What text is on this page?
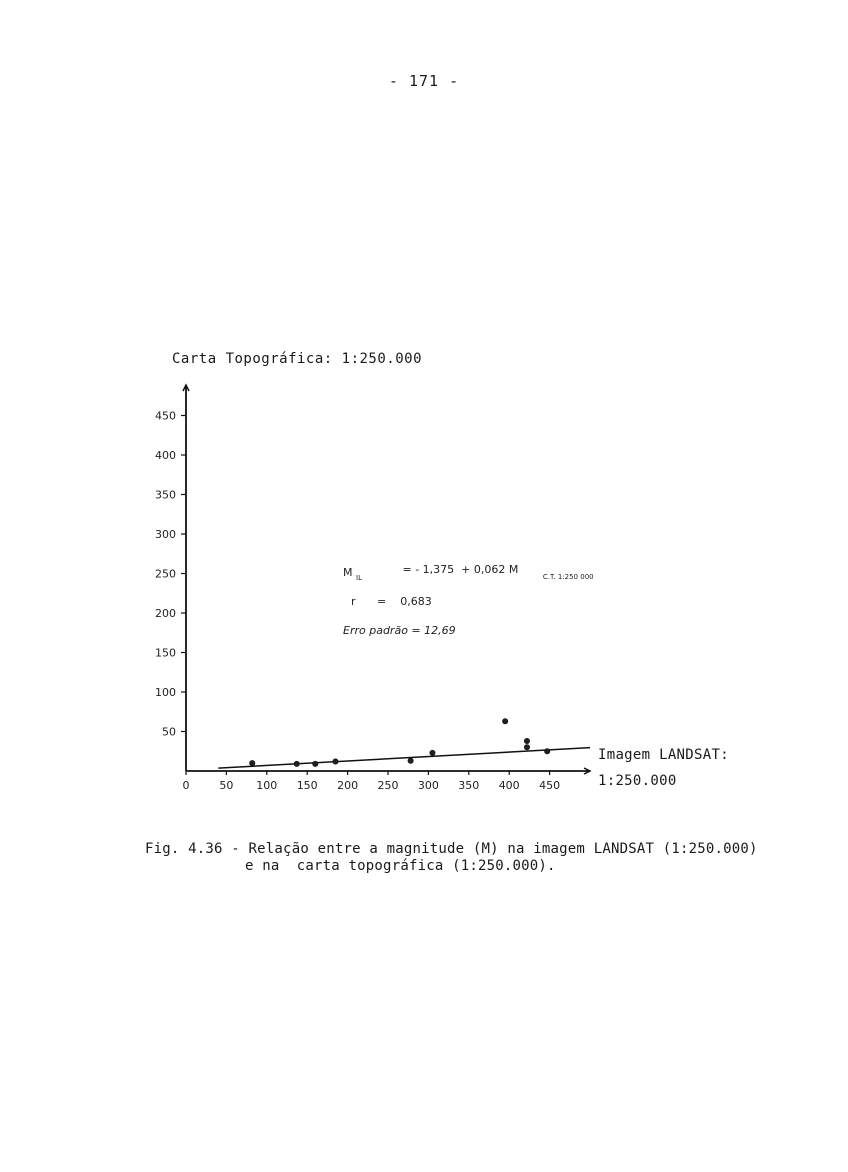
- 171 -
Carta Topográfica: 1:250.000
50
100
150
200
250
300
350
400
450
0	50 100 150 200 250 300 350 400 450
M $_{IL}$
= - 1,375  + 0,062 M       $_{C.T. 1:250 000}$
r =    0,683
Erro padrão = 12,69
Imagem LANDSAT:
1:250.000
Fig. 4.36 - Relação entre a magnitude (M) na imagem LANDSAT (1:250.000)

e na  carta topográfica (1:250.000).
